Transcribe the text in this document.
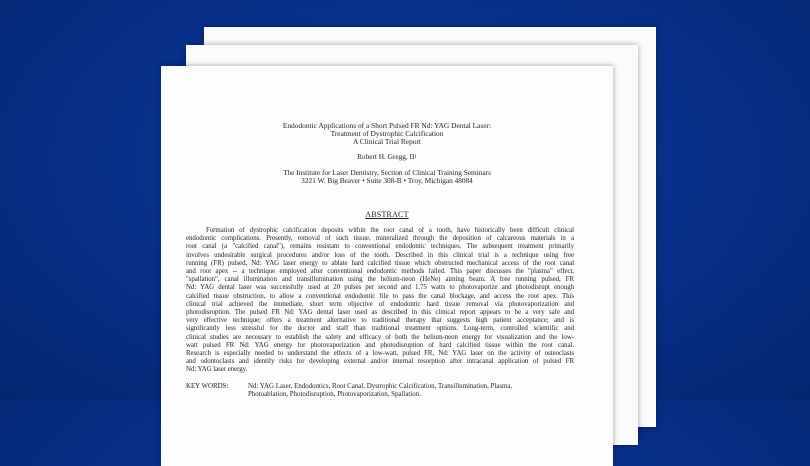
Endodontic Applications of a Short Pulsed FR Nd: YAG Dental Laser:
Treatment of Dystrophic Calcification
A Clinical Trial Report
Robert H. Gregg, $II^1$
The Institute for Laser Dentistry, Section of Clinical Training Seminars
3221 W. Big Beaver • Suite 308-B • Troy, Michigan 48084
ABSTRACT
Formation of dystrophic calcification deposits within the root canal of a tooth, have historically been difficult clinical
endodontic complications. Presently, removal of such tissue, mineralized through the deposition of calcareous materials in a
root canal (a "calcified canal"), remains resistant to conventional endodontic techniques. The subsequent treatment primarily
involves undesirable surgical procedures and/or loss of the tooth. Described in this clinical trial is a technique using free
running (FR) pulsed, Nd: YAG laser energy to ablate hard calcified tissue which obstructed mechanical access of the root canal
and root apex -- a technique employed after conventional endodontic methods failed. This paper discusses the "plasma" effect,
"spallation", canal illumination and transillumination using the helium-neon (HeNe) aiming beam. A free running pulsed, FR
Nd: YAG dental laser was successfully used at 20 pulses per second and 1.75 watts to photovaporize and photodisrupt enough
calcified tissue obstruction, to allow a conventional endodontic file to pass the canal blockage, and access the root apex. This
clinical trial achieved the immediate, short term objective of endodontic hard tissue removal via photovaporization and
photodisruption. The pulsed FR Nd: YAG dental laser used as described in this clinical report appears to be a very safe and
very effective technique; offers a treatment alternative to traditional therapy that suggests high patient acceptance; and is
significantly less stressful for the doctor and staff than traditional treatment options. Long-term, controlled scientific and
clinical studies are necessary to establish the safety and efficacy of both the helium-neon energy for visualization and the low-
watt pulsed FR Nd: YAG energy for photovaporization and photodisruption of hard calcified tissue within the root canal.
Research is especially needed to understand the effects of a low-watt, pulsed FR, Nd: YAG laser on the activity of osteoclasts
and odontoclasts and identify risks for developing external and/or internal resorption after intracanal application of pulsed FR
Nd: YAG laser energy.
KEY WORDS:	Nd: YAG Laser, Endodontics, Root Canal, Dystrophic Calcification, Transillumination, Plasma,
Photoablation, Photodisruption, Photovaporization, Spallation.
